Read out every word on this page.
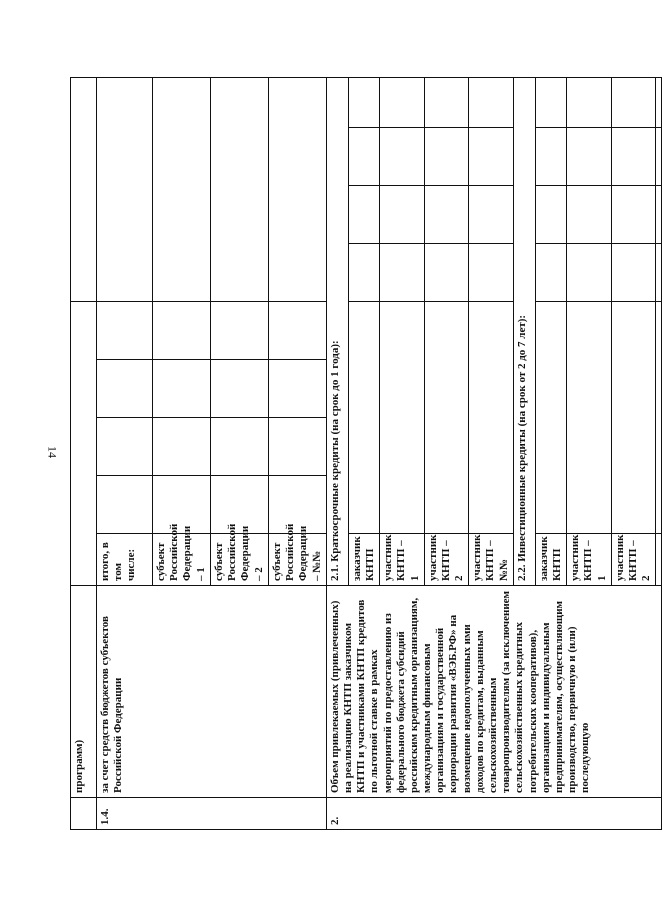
14
	программ)									
1.4.	за счет средств бюджетов субъектов Российской Федерации	итого, в том числе:								
		субъект Российской Федерации – 1								
		субъект Российской Федерации – 2								
		субъект Российской Федерации – №№								
2.	Объем привлекаемых (привлеченных) на реализацию КНТП заказчиком КНТП и участниками КНТП кредитов по льготной ставке в рамках мероприятий по предоставлению из федерального бюджета субсидий российским кредитным организациям, международным финансовым организациям и государственной корпорации развития «ВЭБ.РФ» на возмещение недополученных ими доходов по кредитам, выданным сельскохозяйственным товаропроизводителям (за исключением сельскохозяйственных кредитных потребительских кооперативов), организациям и индивидуальным предпринимателям, осуществляющим производство, первичную и (или) последующую	2.1. Краткосрочные кредиты (на срок до 1 года):								
		заказчик КНТП								
		участник КНТП – 1								
		участник КНТП – 2								
		участник КНТП – №№								
		2.2. Инвестиционные кредиты (на срок от 2 до 7 лет):								
		заказчик КНТП								
		участник КНТП – 1								
		участник КНТП – 2								
